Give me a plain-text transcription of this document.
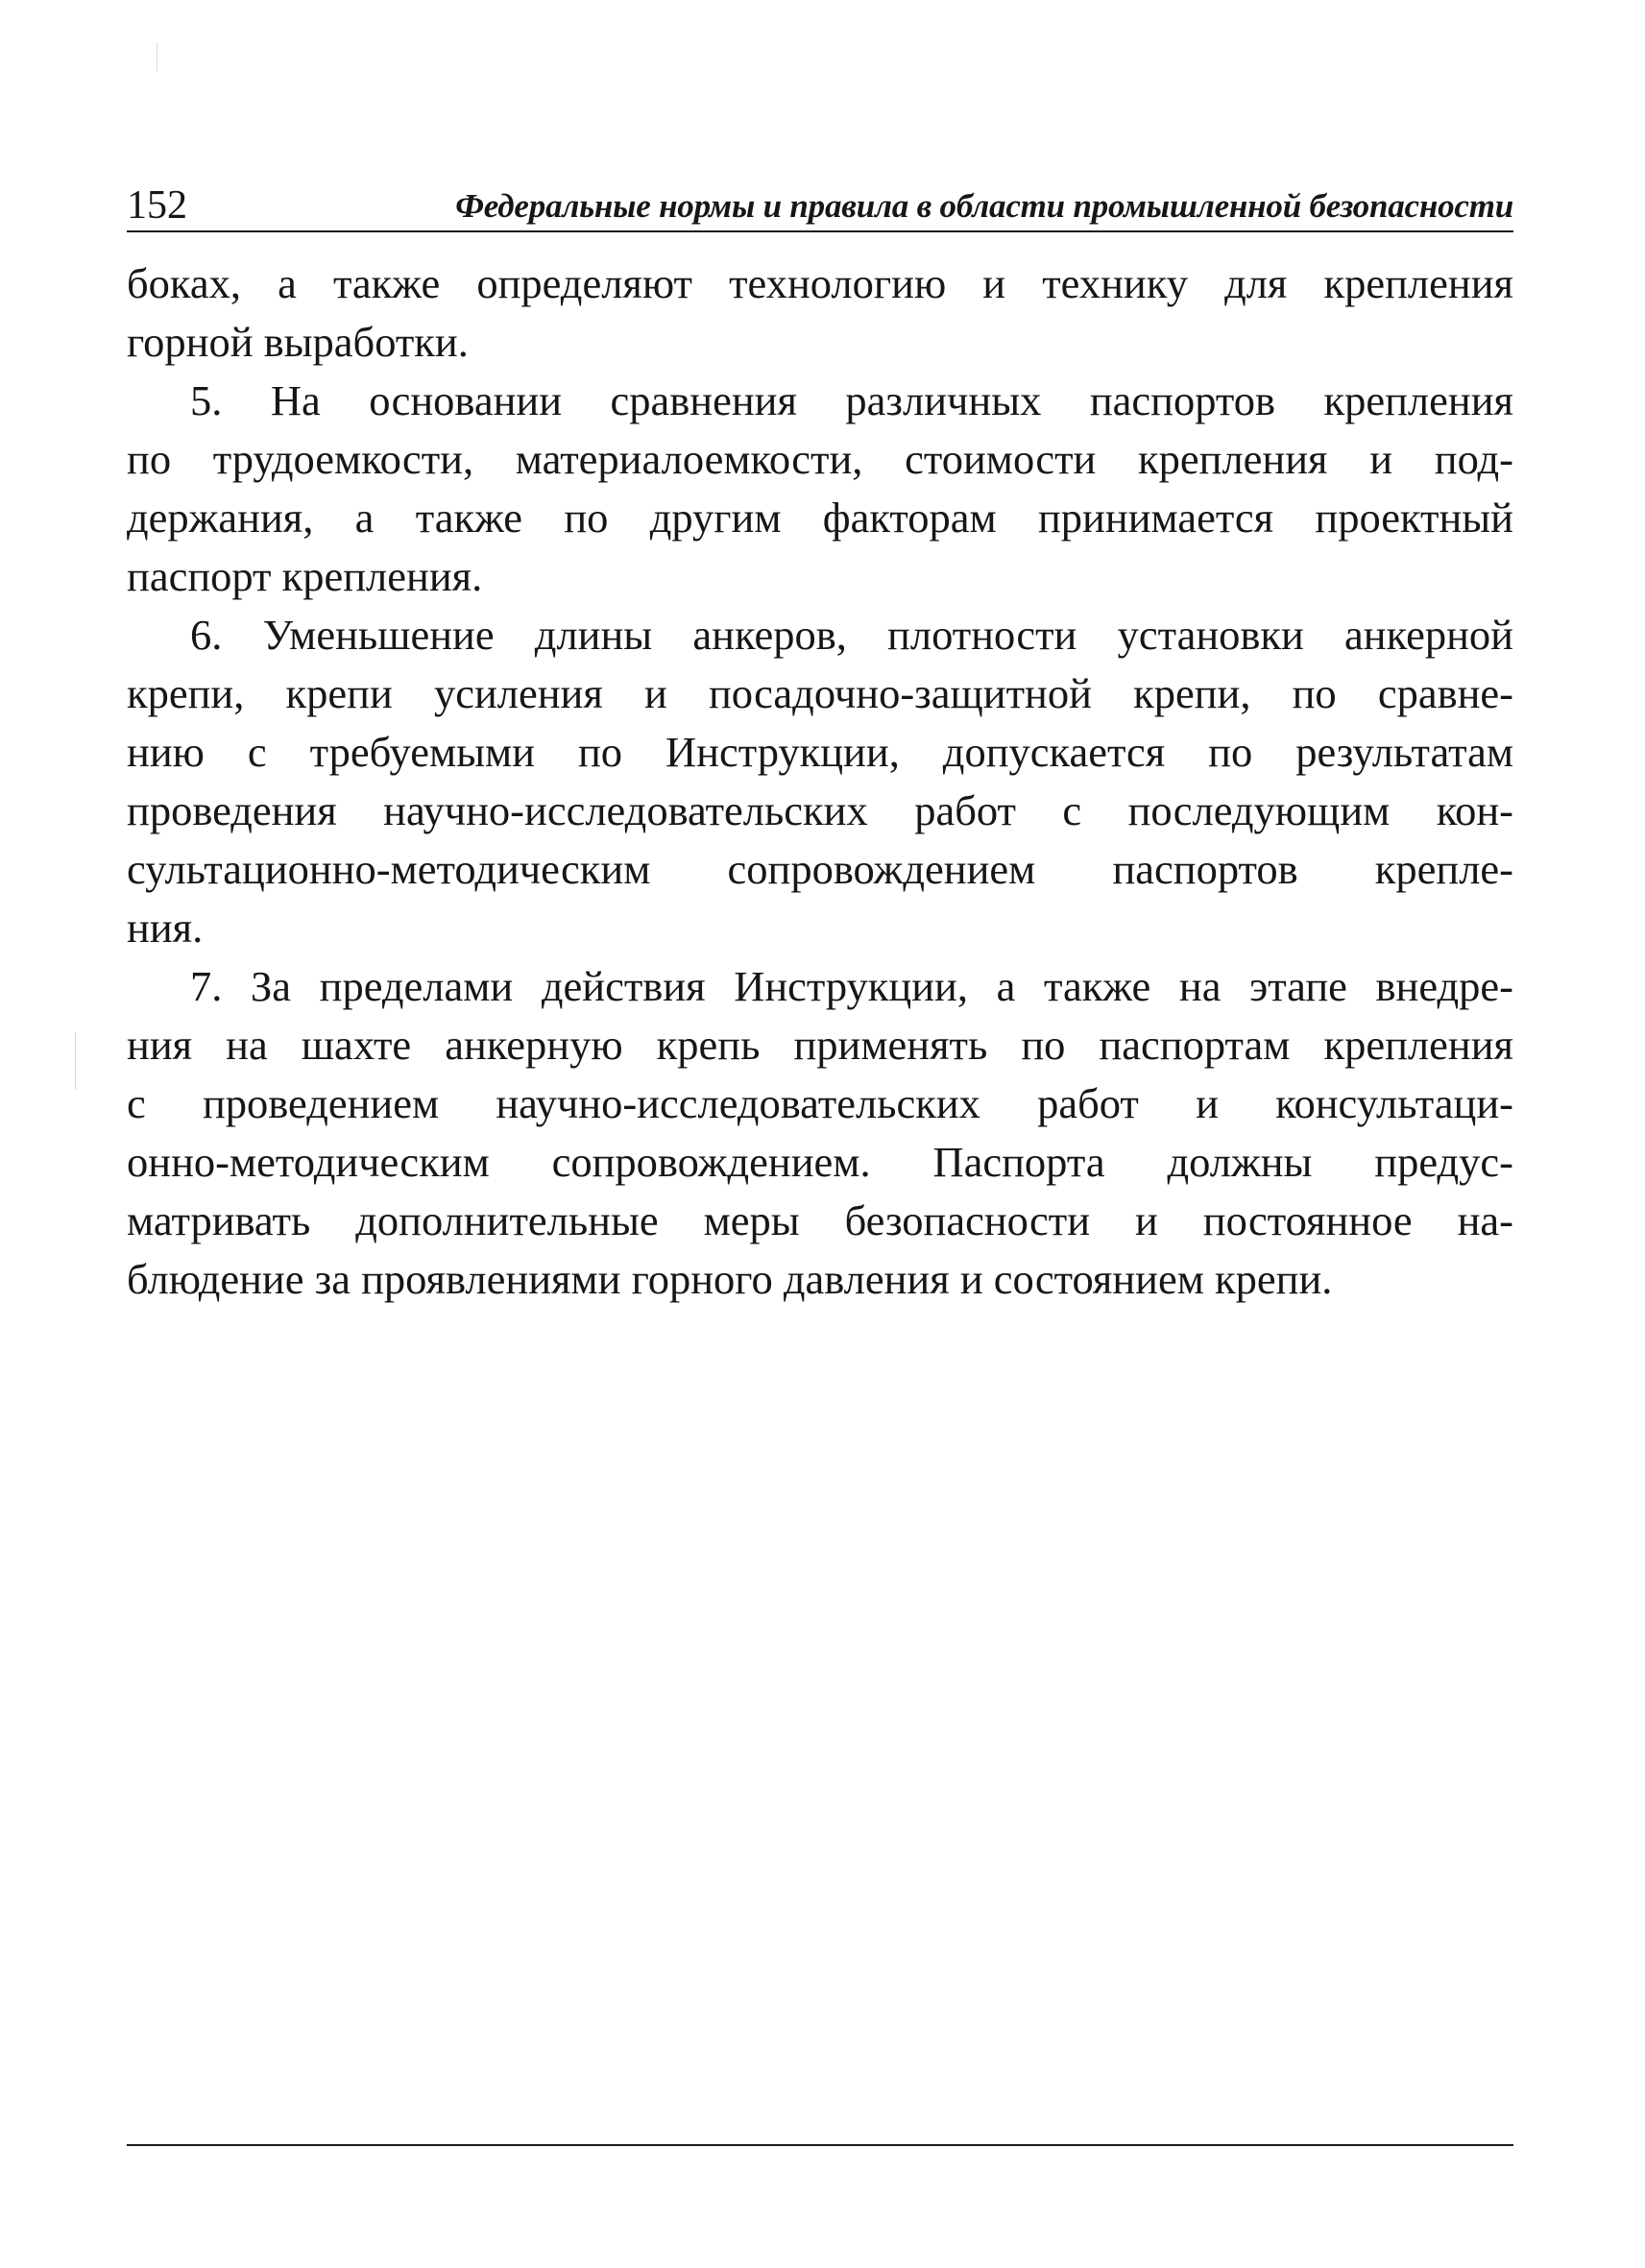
152	Федеральные нормы и правила в области промышленной безопасности
боках, а также определяют технологию и технику для крепления
горной выработки.
5. На основании сравнения различных паспортов крепления
по трудоемкости, материалоемкости, стоимости крепления и под-
держания, а также по другим факторам принимается проектный
паспорт крепления.
6. Уменьшение длины анкеров, плотности установки анкерной
крепи, крепи усиления и посадочно-защитной крепи, по сравне-
нию с требуемыми по Инструкции, допускается по результатам
проведения научно-исследовательских работ с последующим кон-
сультационно-методическим сопровождением паспортов крепле-
ния.
7. За пределами действия Инструкции, а также на этапе внедре-
ния на шахте анкерную крепь применять по паспортам крепления
с проведением научно-исследовательских работ и консультаци-
онно-методическим сопровождением. Паспорта должны предус-
матривать дополнительные меры безопасности и постоянное на-
блюдение за проявлениями горного давления и состоянием крепи.
